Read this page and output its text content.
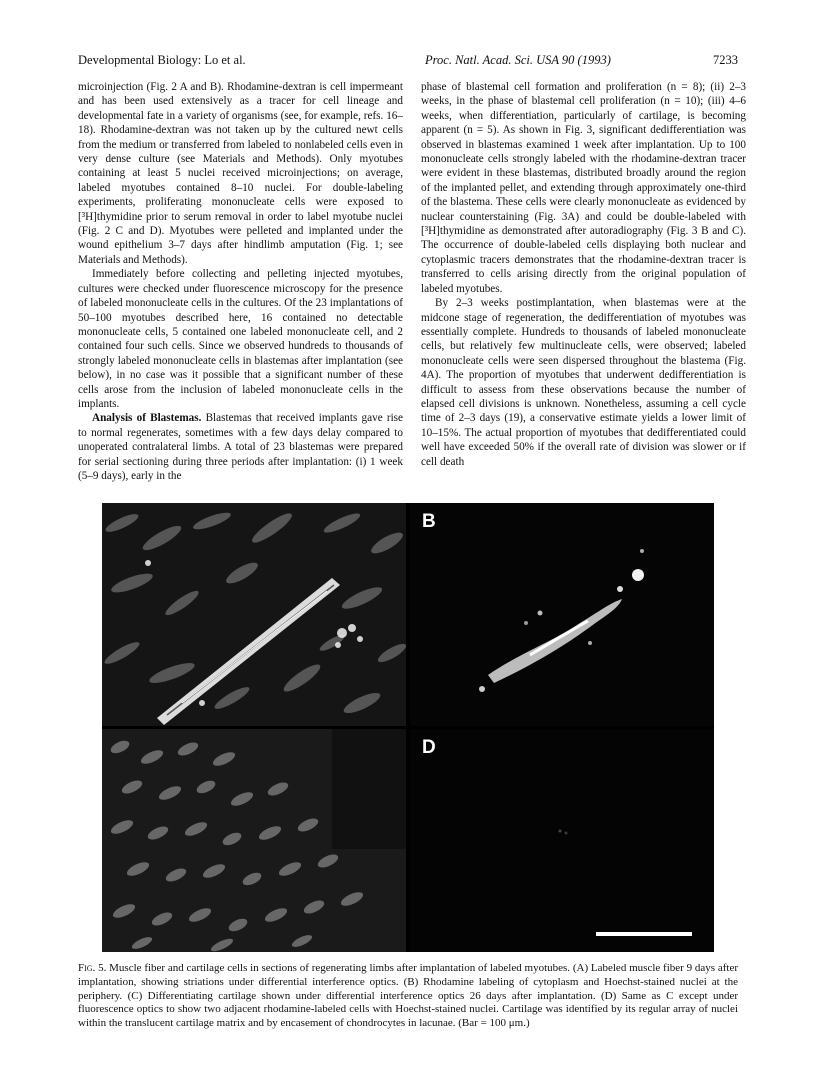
Developmental Biology: Lo et al.	Proc. Natl. Acad. Sci. USA 90 (1993)	7233

microinjection (Fig. 2 A and B). Rhodamine-dextran is cell impermeant and has been used extensively as a tracer for cell lineage and developmental fate in a variety of organisms (see, for example, refs. 16–18). Rhodamine-dextran was not taken up by the cultured newt cells from the medium or transferred from labeled to nonlabeled cells even in very dense culture (see Materials and Methods). Only myotubes containing at least 5 nuclei received microinjections; on average, labeled myotubes contained 8–10 nuclei. For double-labeling experiments, proliferating mononucleate cells were exposed to [³H]thymidine prior to serum removal in order to label myotube nuclei (Fig. 2 C and D). Myotubes were pelleted and implanted under the wound epithelium 3–7 days after hindlimb amputation (Fig. 1; see Materials and Methods).

Immediately before collecting and pelleting injected myotubes, cultures were checked under fluorescence microscopy for the presence of labeled mononucleate cells in the cultures. Of the 23 implantations of 50–100 myotubes described here, 16 contained no detectable mononucleate cells, 5 contained one labeled mononucleate cell, and 2 contained four such cells. Since we observed hundreds to thousands of strongly labeled mononucleate cells in blastemas after implantation (see below), in no case was it possible that a significant number of these cells arose from the inclusion of labeled mononucleate cells in the implants.

Analysis of Blastemas. Blastemas that received implants gave rise to normal regenerates, sometimes with a few days delay compared to unoperated contralateral limbs. A total of 23 blastemas were prepared for serial sectioning during three periods after implantation: (i) 1 week (5–9 days), early in the

phase of blastemal cell formation and proliferation (n = 8); (ii) 2–3 weeks, in the phase of blastemal cell proliferation (n = 10); (iii) 4–6 weeks, when differentiation, particularly of cartilage, is becoming apparent (n = 5). As shown in Fig. 3, significant dedifferentiation was observed in blastemas examined 1 week after implantation. Up to 100 mononucleate cells strongly labeled with the rhodamine-dextran tracer were evident in these blastemas, distributed broadly around the region of the implanted pellet, and extending through approximately one-third of the blastema. These cells were clearly mononucleate as evidenced by nuclear counterstaining (Fig. 3A) and could be double-labeled with [³H]thymidine as demonstrated after autoradiography (Fig. 3 B and C). The occurrence of double-labeled cells displaying both nuclear and cytoplasmic tracers demonstrates that the rhodamine-dextran tracer is transferred to cells arising directly from the original population of labeled myotubes.

By 2–3 weeks postimplantation, when blastemas were at the midcone stage of regeneration, the dedifferentiation of myotubes was essentially complete. Hundreds to thousands of labeled mononucleate cells, but relatively few multinucleate cells, were observed; labeled mononucleate cells were seen dispersed throughout the blastema (Fig. 4A). The proportion of myotubes that underwent dedifferentiation is difficult to assess from these observations because the number of elapsed cell divisions is unknown. Nonetheless, assuming a cell cycle time of 2–3 days (19), a conservative estimate yields a lower limit of 10–15%. The actual proportion of myotubes that dedifferentiated could well have exceeded 50% if the overall rate of division was slower or if cell death

B
D
Fig. 5. Muscle fiber and cartilage cells in sections of regenerating limbs after implantation of labeled myotubes. (A) Labeled muscle fiber 9 days after implantation, showing striations under differential interference optics. (B) Rhodamine labeling of cytoplasm and Hoechst-stained nuclei at the periphery. (C) Differentiating cartilage shown under differential interference optics 26 days after implantation. (D) Same as C except under fluorescence optics to show two adjacent rhodamine-labeled cells with Hoechst-stained nuclei. Cartilage was identified by its regular array of nuclei within the translucent cartilage matrix and by encasement of chondrocytes in lacunae. (Bar = 100 μm.)
